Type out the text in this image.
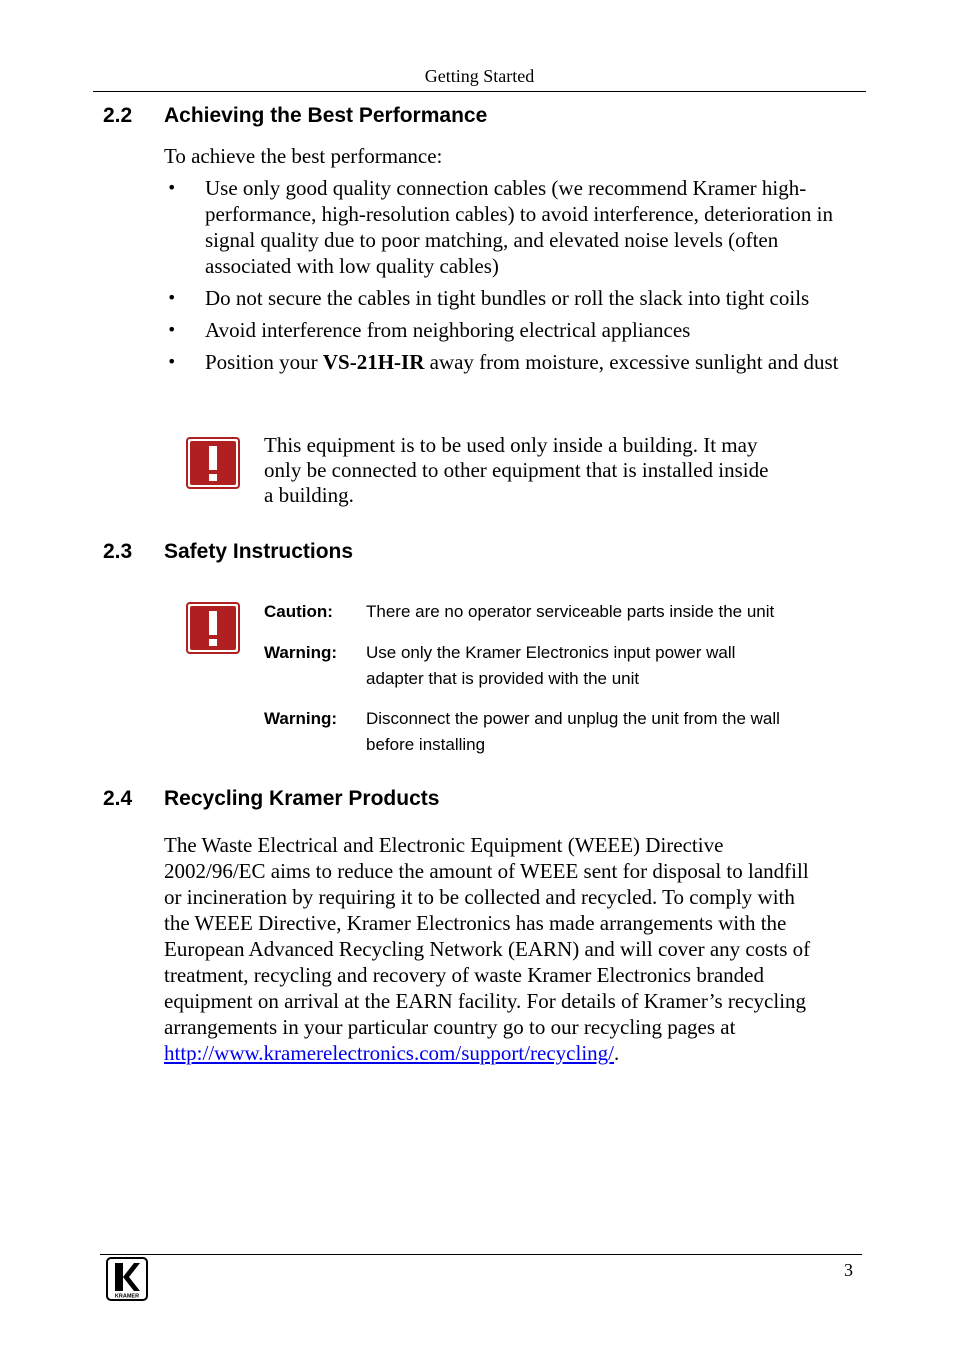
Getting Started
2.2 Achieving the Best Performance
To achieve the best performance:
• Use only good quality connection cables (we recommend Kramer high-performance, high-resolution cables) to avoid interference, deterioration in signal quality due to poor matching, and elevated noise levels (often associated with low quality cables)
• Do not secure the cables in tight bundles or roll the slack into tight coils
• Avoid interference from neighboring electrical appliances
• Position your VS-21H-IR away from moisture, excessive sunlight and dust
This equipment is to be used only inside a building. It may
only be connected to other equipment that is installed inside
a building.
2.3 Safety Instructions
Caution: There are no operator serviceable parts inside the unit
Warning: Use only the Kramer Electronics input power wall
adapter that is provided with the unit
Warning: Disconnect the power and unplug the unit from the wall
before installing
2.4 Recycling Kramer Products
The Waste Electrical and Electronic Equipment (WEEE) Directive
2002/96/EC aims to reduce the amount of WEEE sent for disposal to landfill
or incineration by requiring it to be collected and recycled. To comply with
the WEEE Directive, Kramer Electronics has made arrangements with the
European Advanced Recycling Network (EARN) and will cover any costs of
treatment, recycling and recovery of waste Kramer Electronics branded
equipment on arrival at the EARN facility. For details of Kramer’s recycling
arrangements in your particular country go to our recycling pages at
http://www.kramerelectronics.com/support/recycling/.
KRAMER
3
